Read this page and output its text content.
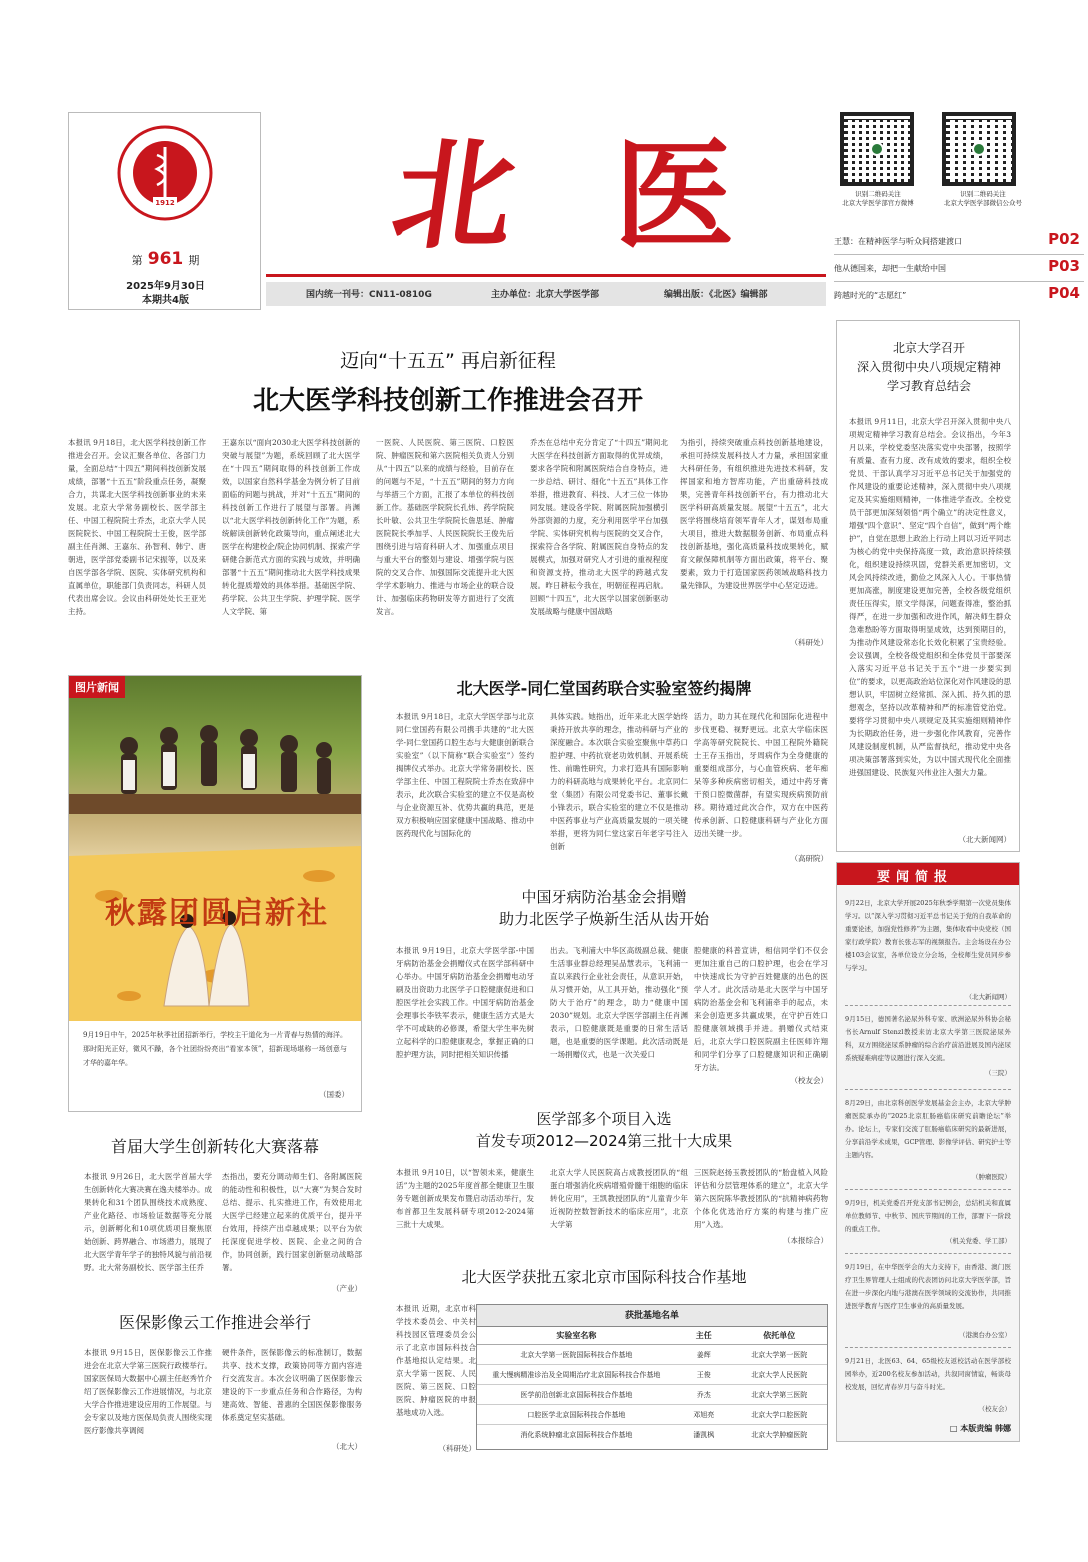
1912
第 961 期
2025年9月30日
本期共4版
北 医	识别二维码关注
北京大学医学部官方微博
识别二维码关注
北京大学医学部微信公众号
王慧：在精神医学与听众间搭建渡口	P02
他从德国来，却把一生献给中国	P03
跨越时光的“志愿红”	P04
国内统一刊号：CN11-0810G	主办单位：北京大学医学部	编辑出版：《北医》编辑部
迈向“十五五” 再启新征程
北大医学科技创新工作推进会召开
本报讯 9月18日，北大医学科技创新工作推进会召开。会议汇聚各单位、各部门力量，全面总结“十四五”期间科技创新发展成绩，部署“十五五”阶段重点任务，凝聚合力，共谋北大医学科技创新事业的未来发展。北京大学常务副校长、医学部主任、中国工程院院士乔杰，北京大学人民医院院长、中国工程院院士王俊，医学部副主任肖渊、王嘉东、孙智利、韩宁、唐朝进，医学部党委副书记宋振等，以及来自医学部各学院、医院、实体研究机构和直属单位，职能部门负责同志，科研人员代表出席会议。会议由科研处处长王亚光主持。
王嘉东以“面向2030北大医学科技创新的突破与展望”为题，系统回顾了北大医学在“十四五”期间取得的科技创新工作成效，以国家自然科学基金为例分析了目前面临的问题与挑战，并对“十五五”期间的科技创新工作进行了展望与部署。肖渊以“北大医学科技创新转化工作”为题，系统解读创新转化政策导向，重点阐述北大医学在构建校企/院企协同机制、探索产学研健合新范式方面的实践与成效，并明确部署“十五五”期间推动北大医学科技成果转化提质增效的具体举措。基础医学院、药学院、公共卫生学院、护理学院、医学人文学院、第
一医院、人民医院、第三医院、口腔医院、肿瘤医院和第六医院相关负责人分别从“十四五”以来的成绩与经验，目前存在的问题与不足，“十五五”期间的努力方向与举措三个方面，汇报了本单位的科技创新工作。基础医学院院长孔炜、药学院院长叶敏、公共卫生学院院长詹思延、肿瘤医院院长季加孚、人民医院院长王俊先后围绕引进与培育科研人才、加强重点项目与重大平台的整划与建设、增强学院与医院的交叉合作、加强国际交流提升北大医学学术影响力、推进与市场企业的联合设计、加强临床药物研发等方面进行了交流发言。
乔杰在总结中充分肯定了“十四五”期间北大医学在科技创新方面取得的优异成绩，要求各学院和附属医院结合自身特点，进一步总结、研讨、细化“十五五”具体工作举措，推进教育、科技、人才三位一体协同发展。建设各学院、附属医院加强横引外部资源的力度，充分利用医学平台加强学院、实体研究机构与医院的交叉合作，探索符合各学院、附属医院自身特点的发展模式，加强对研究人才引进的重视程度和资源支持，推动北大医学的跨越式发展。昨日耕耘今我在，明朝征程再启航。回顾“十四五”，北大医学以国家创新驱动发展战略与健康中国战略
为指引，持续突破重点科技创新基地建设，承担可持续发展科技人才力量，承担国家重大科研任务，有组织推进先进技术科研，发挥国家和地方智库功能，产出重磅科技成果，完善青年科技创新平台，有力推动北大医学科研高质量发展。展望“十五五”，北大医学将围绕培育领军青年人才，谋划布局重大项目，推进大数据服务创新、布局重点科技创新基地，强化高质量科技成果转化，赋育文献保障机制等方面出政策，将平台、聚要素，致力于打造国家医药领域战略科技力量先锋队，为建设世界医学中心坚定迈进。
（科研处）
秋露团圆启新社
图片新闻
9月19日中午，2025年秋季社团招新举行，学校主干道化为一片青春与热情的海洋。那时阳光正好，微风不躁，各个社团纷纷亮出“看家本领”，招新现场堪称一场创意与才华的嘉年华。
（国委）
北大医学-同仁堂国药联合实验室签约揭牌
本报讯 9月18日，北京大学医学部与北京同仁堂国药有限公司携手共建的“北大医学-同仁堂国药口腔生态与大健康创新联合实验室”（以下简称“联合实验室”）签约揭牌仪式举办。北京大学常务副校长、医学部主任、中国工程院院士乔杰在致辞中表示，此次联合实验室的建立不仅是高校与企业资源互补、优势共赢的典范，更是双方积极响应国家健康中国战略、推动中医药现代化与国际化的
具体实践。她指出，近年来北大医学始终秉持开放共享的理念，推动科研与产业的深度融合。本次联合实验室聚焦中草药口腔护理、中药抗衰老功效机制、开展系统性、前瞻性研究，力求打造具有国际影响力的科研高地与成果转化平台。北京同仁堂（集团）有限公司党委书记、董事长戴小锋表示，联合实验室的建立不仅是推动中医药事业与产业高质量发展的一项关键举措，更将为同仁堂这家百年老字号注入创新
活力，助力其在现代化和国际化进程中步伐更稳、视野更远。北京大学临床医学高等研究院院长、中国工程院外籍院士王存玉指出，牙周病作为全身健康的重要组成部分，与心血管疾病、老年痴呆等多种疾病密切相关，通过中药牙膏干预口腔微菌群，有望实现疾病预防前移。期待通过此次合作，双方在中医药传承创新、口腔健康科研与产业化方面迈出关键一步。
（高研院）
中国牙病防治基金会捐赠
助力北医学子焕新生活从齿开始
本报讯 9月19日，北京大学医学部-中国牙病防治基金会捐赠仪式在医学部科研中心举办。中国牙病防治基金会捐赠电动牙刷及出资助力北医学子口腔健康促进和口腔医学社会实践工作。中国牙病防治基金会理事长李铁军表示，健康生活方式是大学不可或缺的必修课，希望大学生率先树立起科学的口腔健康观念，掌握正确的口腔护理方法，同时把相关知识传播
出去。飞利浦大中华区高级副总裁、健康生活事业群总经理吴品慧表示，飞利浦一直以来践行企业社会责任，从意识开始，从习惯开始，从工具开始，推动强化“预防大于治疗”的理念，助力“健康中国2030”规划。北京大学医学部副主任肖渊表示，口腔健康既是重要的日常生活话题，也是重要的医学课题。此次活动既是一场捐赠仪式，也是一次关爱口
腔健康的科普宣讲，相信同学们不仅会更加注重自己的口腔护理，也会在学习中快速成长为守护百姓健康的出色的医学人才。此次活动是北大医学与中国牙病防治基金会和飞利浦牵手的起点，未来会创造更多共赢成果，在守护百姓口腔健康领域携手并进。捐赠仪式结束后，北京大学口腔医院副主任医师许翔和同学们分享了口腔健康知识和正确刷牙方法。
（校友会）
首届大学生创新转化大赛落幕
本报讯 9月26日，北大医学首届大学生创新转化大赛决赛在逸夫楼举办。成果转化和31个团队围绕技术成熟度、产业化路径、市场验证数据等充分展示，创新孵化和10项优质项目聚焦原始创新、跨界融合、市场潜力，展现了北大医学青年学子的独特风貌与前沿视野。北大常务副校长、医学部主任乔
杰指出，要充分调动师生们、各附属医院的能动性和积极性，以“大赛”为契合发时总结、提示、扎实推进工作，有效使用北大医学已经建立起来的优质平台，提升平台效用，持续产出卓越成果；以平台为依托深度促进学校、医院、企业之间的合作，协同创新，践行国家创新驱动战略部署。
（产业）
医保影像云工作推进会举行
本报讯 9月15日，医保影像云工作推进会在北京大学第三医院行政楼举行。国家医保局大数据中心副主任赵秀竹介绍了医保影像云工作进展情况，与北京大学合作推进建设应用的工作展望。与会专家以及地方医保局负责人围绕实现医疗影像共享调阅
硬件条件，医保影像云的标准制订，数据共享、技术支撑，政策协同等方面内容进行交流发言。本次会议明确了医保影像云建设的下一步重点任务和合作路径，为构建高效、智能、普惠的全国医保影像服务体系奠定坚实基础。
（北大）
医学部多个项目入选
首发专项2012—2024第三批十大成果
本报讯 9月10日，以“智领未来，健康生活”为主题的2025年度首都全健康卫生服务专题创新成果发布暨启动活动举行，发布首都卫生发展科研专项2012-2024第三批十大成果。
北京大学人民医院高占成教授团队的“组蛋白增强消化疾病增殖骨髓干细胞的临床转化应用”，王凯教授团队的“儿童青少年近视防控数智新技术的临床应用”，北京大学第
三医院赵扬玉教授团队的“胎盘植入风险评估和分层管理体系的建立”，北京大学第六医院陈华教授团队的“抗精神病药物个体化优选治疗方案的构建与推广应用”入选。
（本报综合）
北大医学获批五家北京市国际科技合作基地
本报讯 近期，北京市科学技术委员会、中关村科技园区管理委员会公示了北京市国际科技合作基地拟认定结果。北京大学第一医院、人民医院、第三医院、口腔医院、肿瘤医院的申报基地成功入选。
（科研处）
获批基地名单
实验室名称	主任	依托单位
北京大学第一医院国际科技合作基地	姜辉	北京大学第一医院
重大慢病精准诊治及全周期治疗北京国际科技合作基地	王俊	北京大学人民医院
医学前沿创新北京国际科技合作基地	乔杰	北京大学第三医院
口腔医学北京国际科技合作基地	邓旭亮	北京大学口腔医院
消化系统肿瘤北京国际科技合作基地	潘凯枫	北京大学肿瘤医院
北京大学召开
深入贯彻中央八项规定精神
学习教育总结会
本报讯 9月11日，北京大学召开深入贯彻中央八项规定精神学习教育总结会。会议指出，今年3月以来，学校党委坚决落实党中央部署，按照学有质量、查有力度、改有成效的要求，组织全校党员、干部认真学习习近平总书记关于加强党的作风建设的重要论述精神，深入贯彻中央八项规定及其实施细则精神，一体推进学查改。全校党员干部更加深刻领悟“两个确立”的决定性意义，增强“四个意识”、坚定“四个自信”，做到“两个维护”，自觉在思想上政治上行动上同以习近平同志为核心的党中央保持高度一致，政治意识持续强化，组织建设持续巩固，党群关系更加密切，文风会风持续改进，勤俭之风深入人心。干事热情更加高涨，制度建设更加完善，全校各级党组织责任压得实，原文学得深，问题查得准，整治抓得严，在进一步加强和改进作风，解决师生群众急难愁盼等方面取得明显成效，达到预期目的，为推动作风建设常态化长效化积累了宝贵经验。会议强调，全校各级党组织和全体党员干部要深入落实习近平总书记关于五个“进一步要实到位”的要求，以更高政治站位深化对作风建设的思想认识，牢固树立经常抓、深入抓、持久抓的思想观念，坚持以改革精神和严的标准管党治党。要将学习贯彻中央八项规定及其实施细则精神作为长期政治任务，进一步强化作风教育，完善作风建设制度机制，从严监督执纪，推动党中央各项决策部署落到实处，为以中国式现代化全面推进强国建设、民族复兴伟业注入强大力量。
（北大新闻网）
要闻简报
9月22日，北京大学开展2025年秋季学期第一次党员集体学习。以“深入学习贯彻习近平总书记关于党的自我革命的重要论述，加强党性修养”为主题，集体收看中央党校（国家行政学院）教育长张志军的视频报告。主会场设在办公楼103会议室，各单位设立分会场，全校师生党员同步参与学习。
（北大新闻网）
9月15日，德国著名泌尿外科专家、欧洲泌尿外科协会秘书长Arnulf Stenzl教授来访北京大学第三医院泌尿外科，双方围绕泌尿系肿瘤的综合治疗前沿进展及国内泌尿系统疑难病症等议题进行深入交流。
（三院）
8月29日，由北京科创医学发展基金会主办，北京大学肿瘤医院承办的“2025北京肛肠癌临床研究前瞻论坛”举办。论坛上，专家们交流了肛肠癌临床研究的最新进展，分享前沿学术成果，GCP管理、影像学评估、研究护士等主题内容。
（肿瘤医院）
9月9日，机关党委召开党支部书记例会，总结机关和直属单位教师节、中秋节、国庆节期间的工作，部署下一阶段的重点工作。
（机关党委、学工部）
9月19日，在中华医学会的大力支持下，由香港、澳门医疗卫生界管理人士组成的代表团访问北京大学医学部，旨在进一步深化内地与港澳在医学领域的交流协作，共同推进医学教育与医疗卫生事业的高质量发展。
（港澳台办公室）
9月21日，北医63、64、65级校友返校活动在医学部校园举办，近200名校友参加活动，共叙同窗情谊，畅谈母校发展，回忆青春岁月与奋斗时光。
（校友会）
□ 本版责编 韩娜
